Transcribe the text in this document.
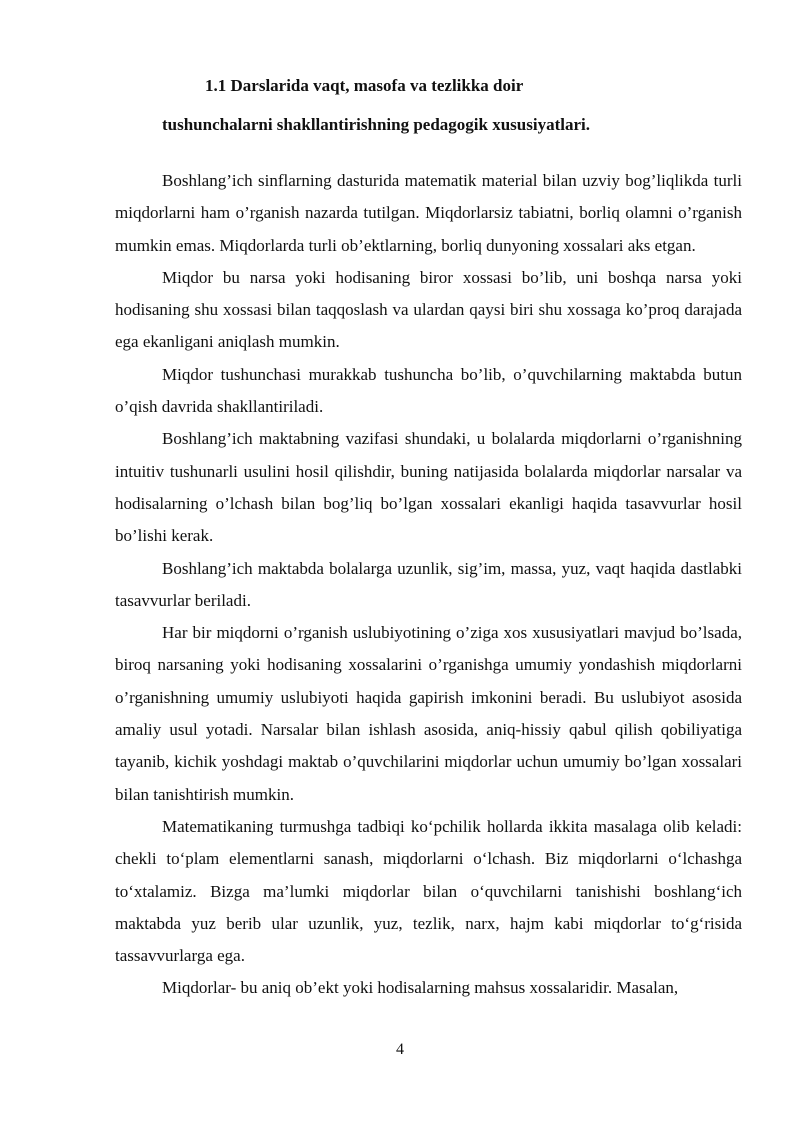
1.1 Darslarida vaqt, masofa va tezlikka doir
tushunchalarni shakllantirishning pedagogik xususiyatlari.

Boshlang’ich sinflarning dasturida matematik material bilan uzviy bog’liqlikda turli miqdorlarni ham o’rganish nazarda tutilgan. Miqdorlarsiz tabiatni, borliq olamni o’rganish mumkin emas. Miqdorlarda turli ob’ektlarning, borliq dunyoning xossalari aks etgan.

Miqdor bu narsa yoki hodisaning biror xossasi bo’lib, uni boshqa narsa yoki hodisaning shu xossasi bilan taqqoslash va ulardan qaysi biri shu xossaga ko’proq darajada ega ekanligani aniqlash mumkin.

Miqdor tushunchasi murakkab tushuncha bo’lib, o’quvchilarning maktabda butun o’qish davrida shakllantiriladi.

Boshlang’ich maktabning vazifasi shundaki, u bolalarda miqdorlarni o’rganishning intuitiv tushunarli usulini hosil qilishdir, buning natijasida bolalarda miqdorlar narsalar va hodisalarning o’lchash bilan bog’liq bo’lgan xossalari ekanligi haqida tasavvurlar hosil bo’lishi kerak.

Boshlang’ich maktabda bolalarga uzunlik, sig’im, massa, yuz, vaqt haqida dastlabki tasavvurlar beriladi.

Har bir miqdorni o’rganish uslubiyotining o’ziga xos xususiyatlari mavjud bo’lsada, biroq narsaning yoki hodisaning xossalarini o’rganishga umumiy yondashish miqdorlarni o’rganishning umumiy uslubiyoti haqida gapirish imkonini beradi. Bu uslubiyot asosida amaliy usul yotadi. Narsalar bilan ishlash asosida, aniq-hissiy qabul qilish qobiliyatiga tayanib, kichik yoshdagi maktab o’quvchilarini miqdorlar uchun umumiy bo’lgan xossalari bilan tanishtirish mumkin.

Matematikaning turmushga tadbiqi ko‘pchilik hollarda ikkita masalaga olib keladi: chekli to‘plam elementlarni sanash, miqdorlarni o‘lchash. Biz miqdorlarni o‘lchashga to‘xtalamiz. Bizga ma’lumki miqdorlar bilan o‘quvchilarni tanishishi boshlang‘ich maktabda yuz berib ular uzunlik, yuz, tezlik, narx, hajm kabi miqdorlar to‘g‘risida tassavvurlarga ega.

Miqdorlar- bu aniq ob’ekt yoki hodisalarning mahsus xossalaridir. Masalan,

4
